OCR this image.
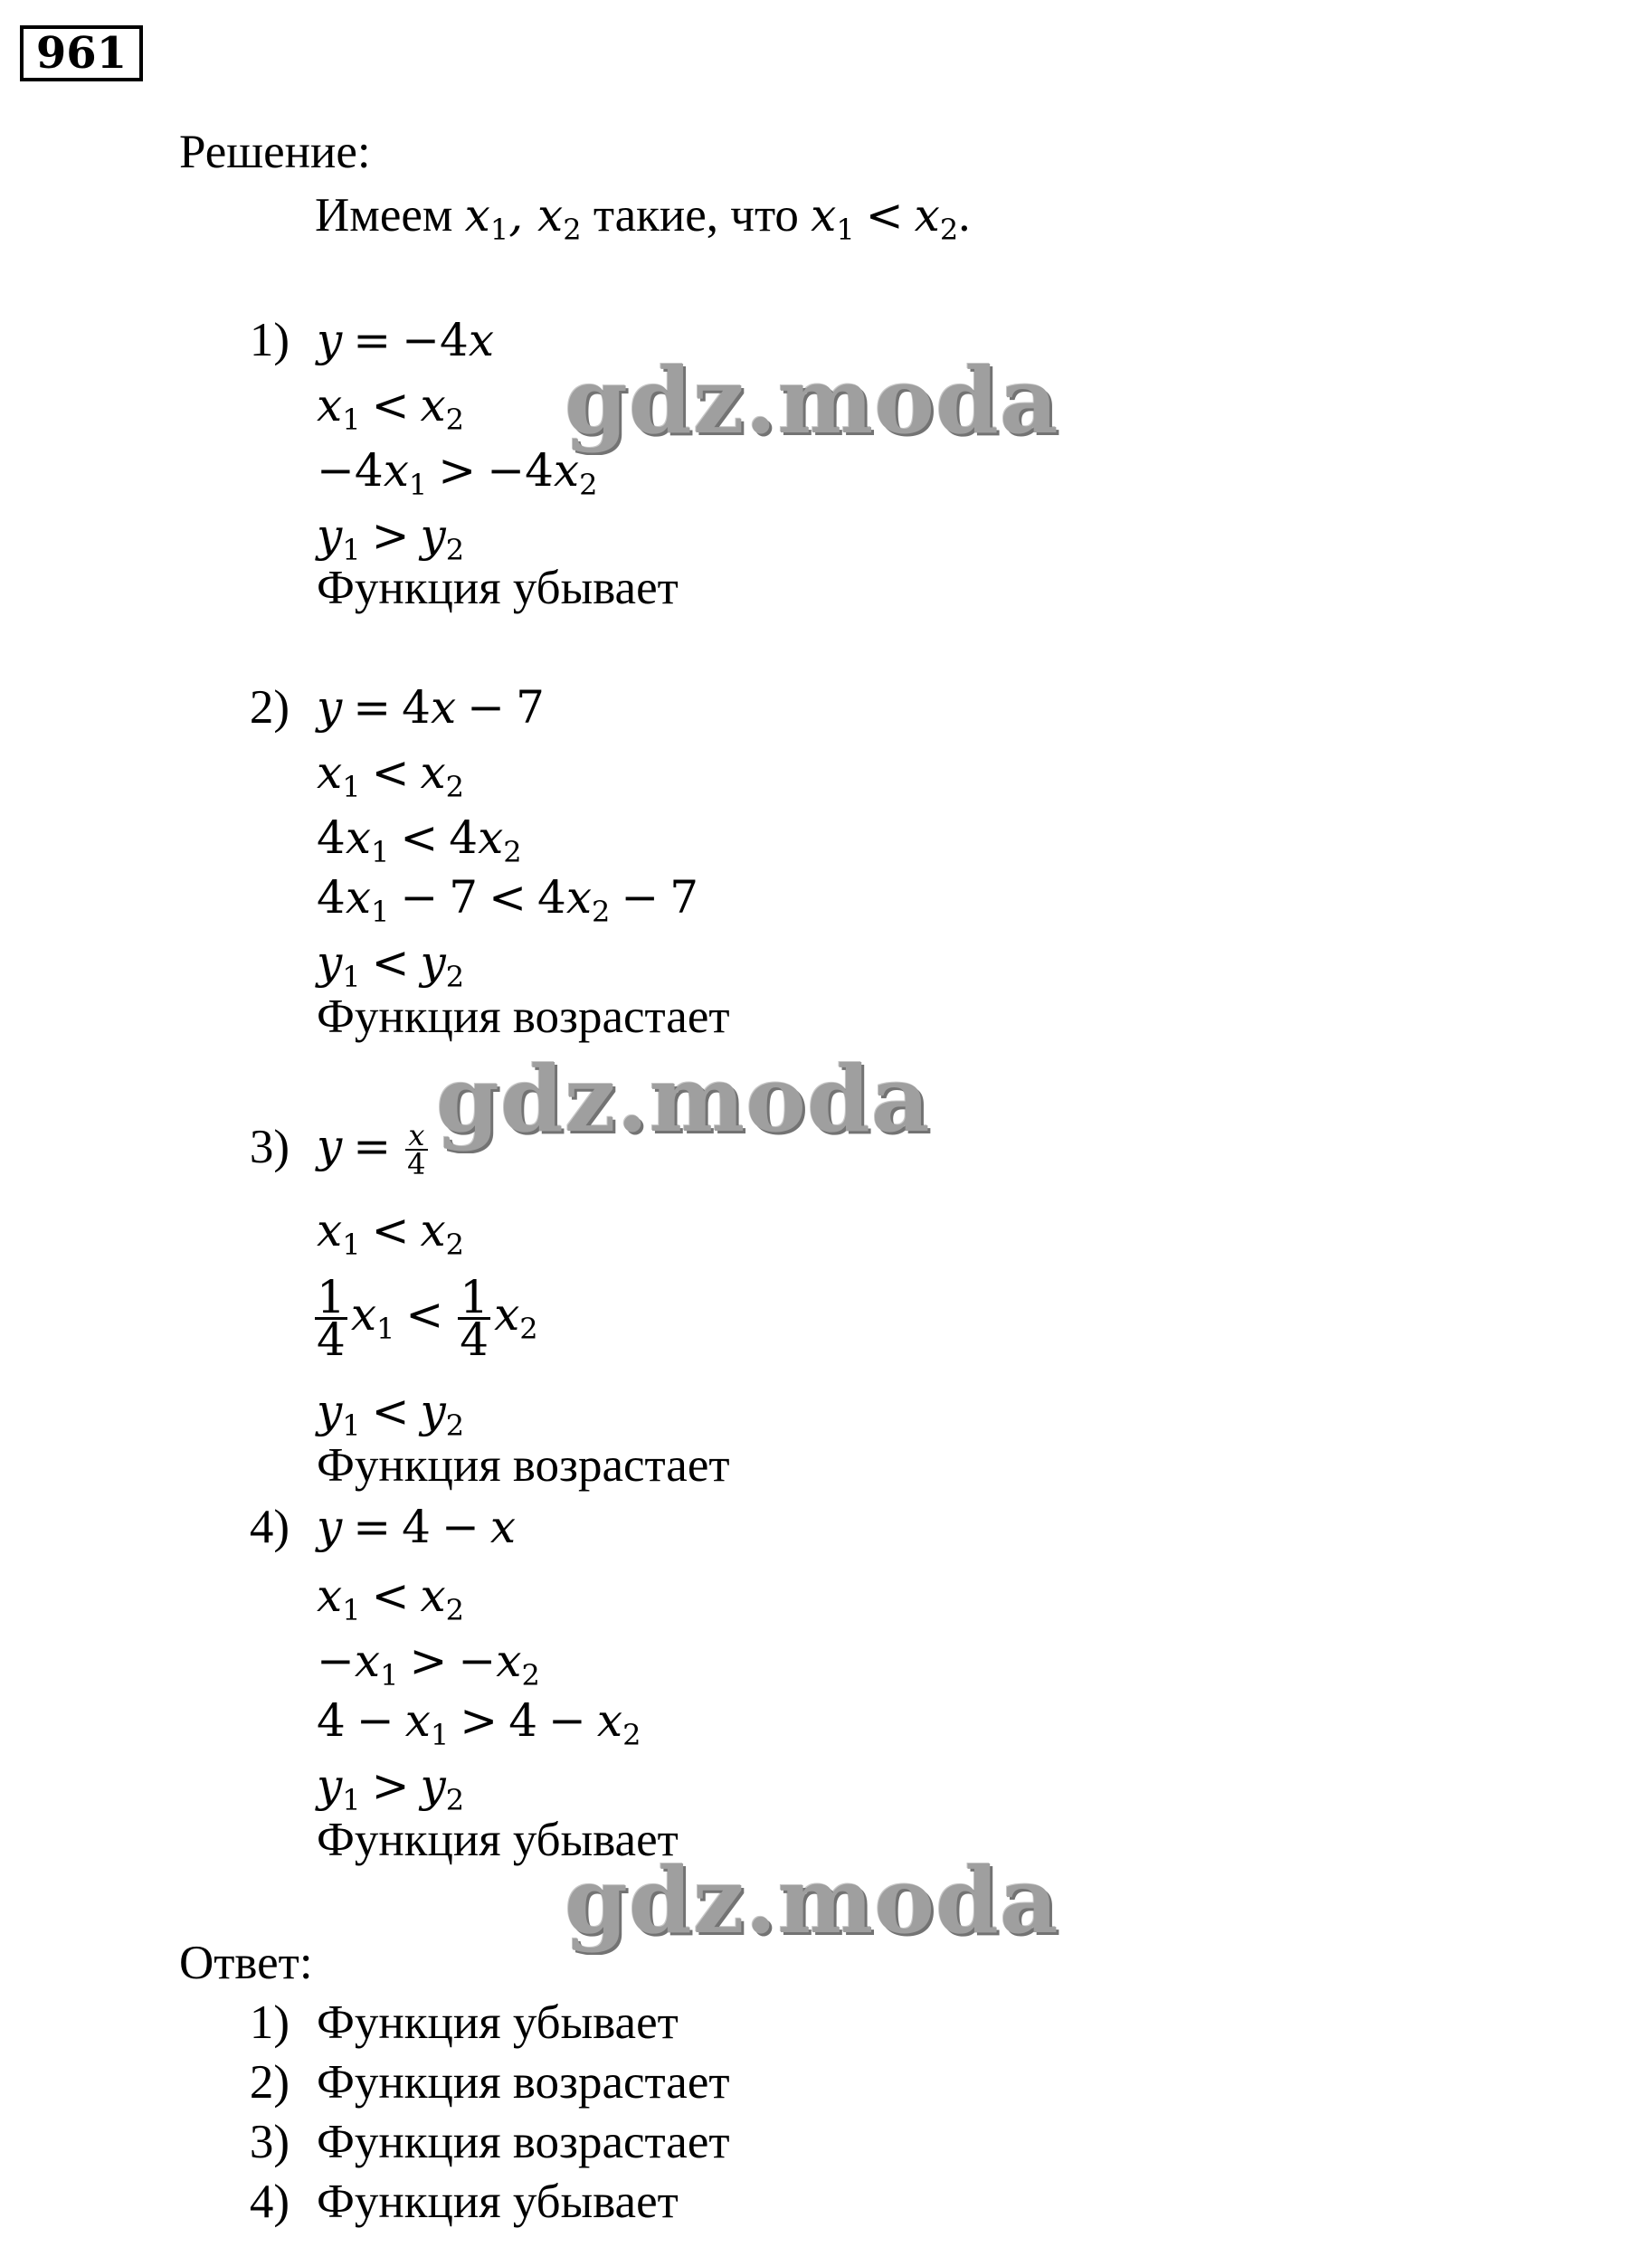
961
Решение:
Имеем $x_1$, $x_2$ такие, что $x_1 < x_2$.
1) y = −4x
$x_1 < x_2$
$-4x_1 > -4x_2$
$y_1 > y_2$
Функция убывает
2) y = 4x − 7
$x_1 < x_2$
$4x_1 < 4x_2$
$4x_1 - 7 < 4x_2 - 7$
$y_1 < y_2$
Функция возрастает
3) $y = \frac{x}{4}$
$x_1 < x_2$
$\frac{1}{4} x_1 < \frac{1}{4} x_2$
$y_1 < y_2$
Функция возрастает
4) y = 4 − x
$x_1 < x_2$
$-x_1 > -x_2$
$4 - x_1 > 4 - x_2$
$y_1 > y_2$
Функция убывает
Ответ:
1) Функция убывает
2) Функция возрастает
3) Функция возрастает
4) Функция убывает
gdz.moda
gdz.moda
gdz.moda
